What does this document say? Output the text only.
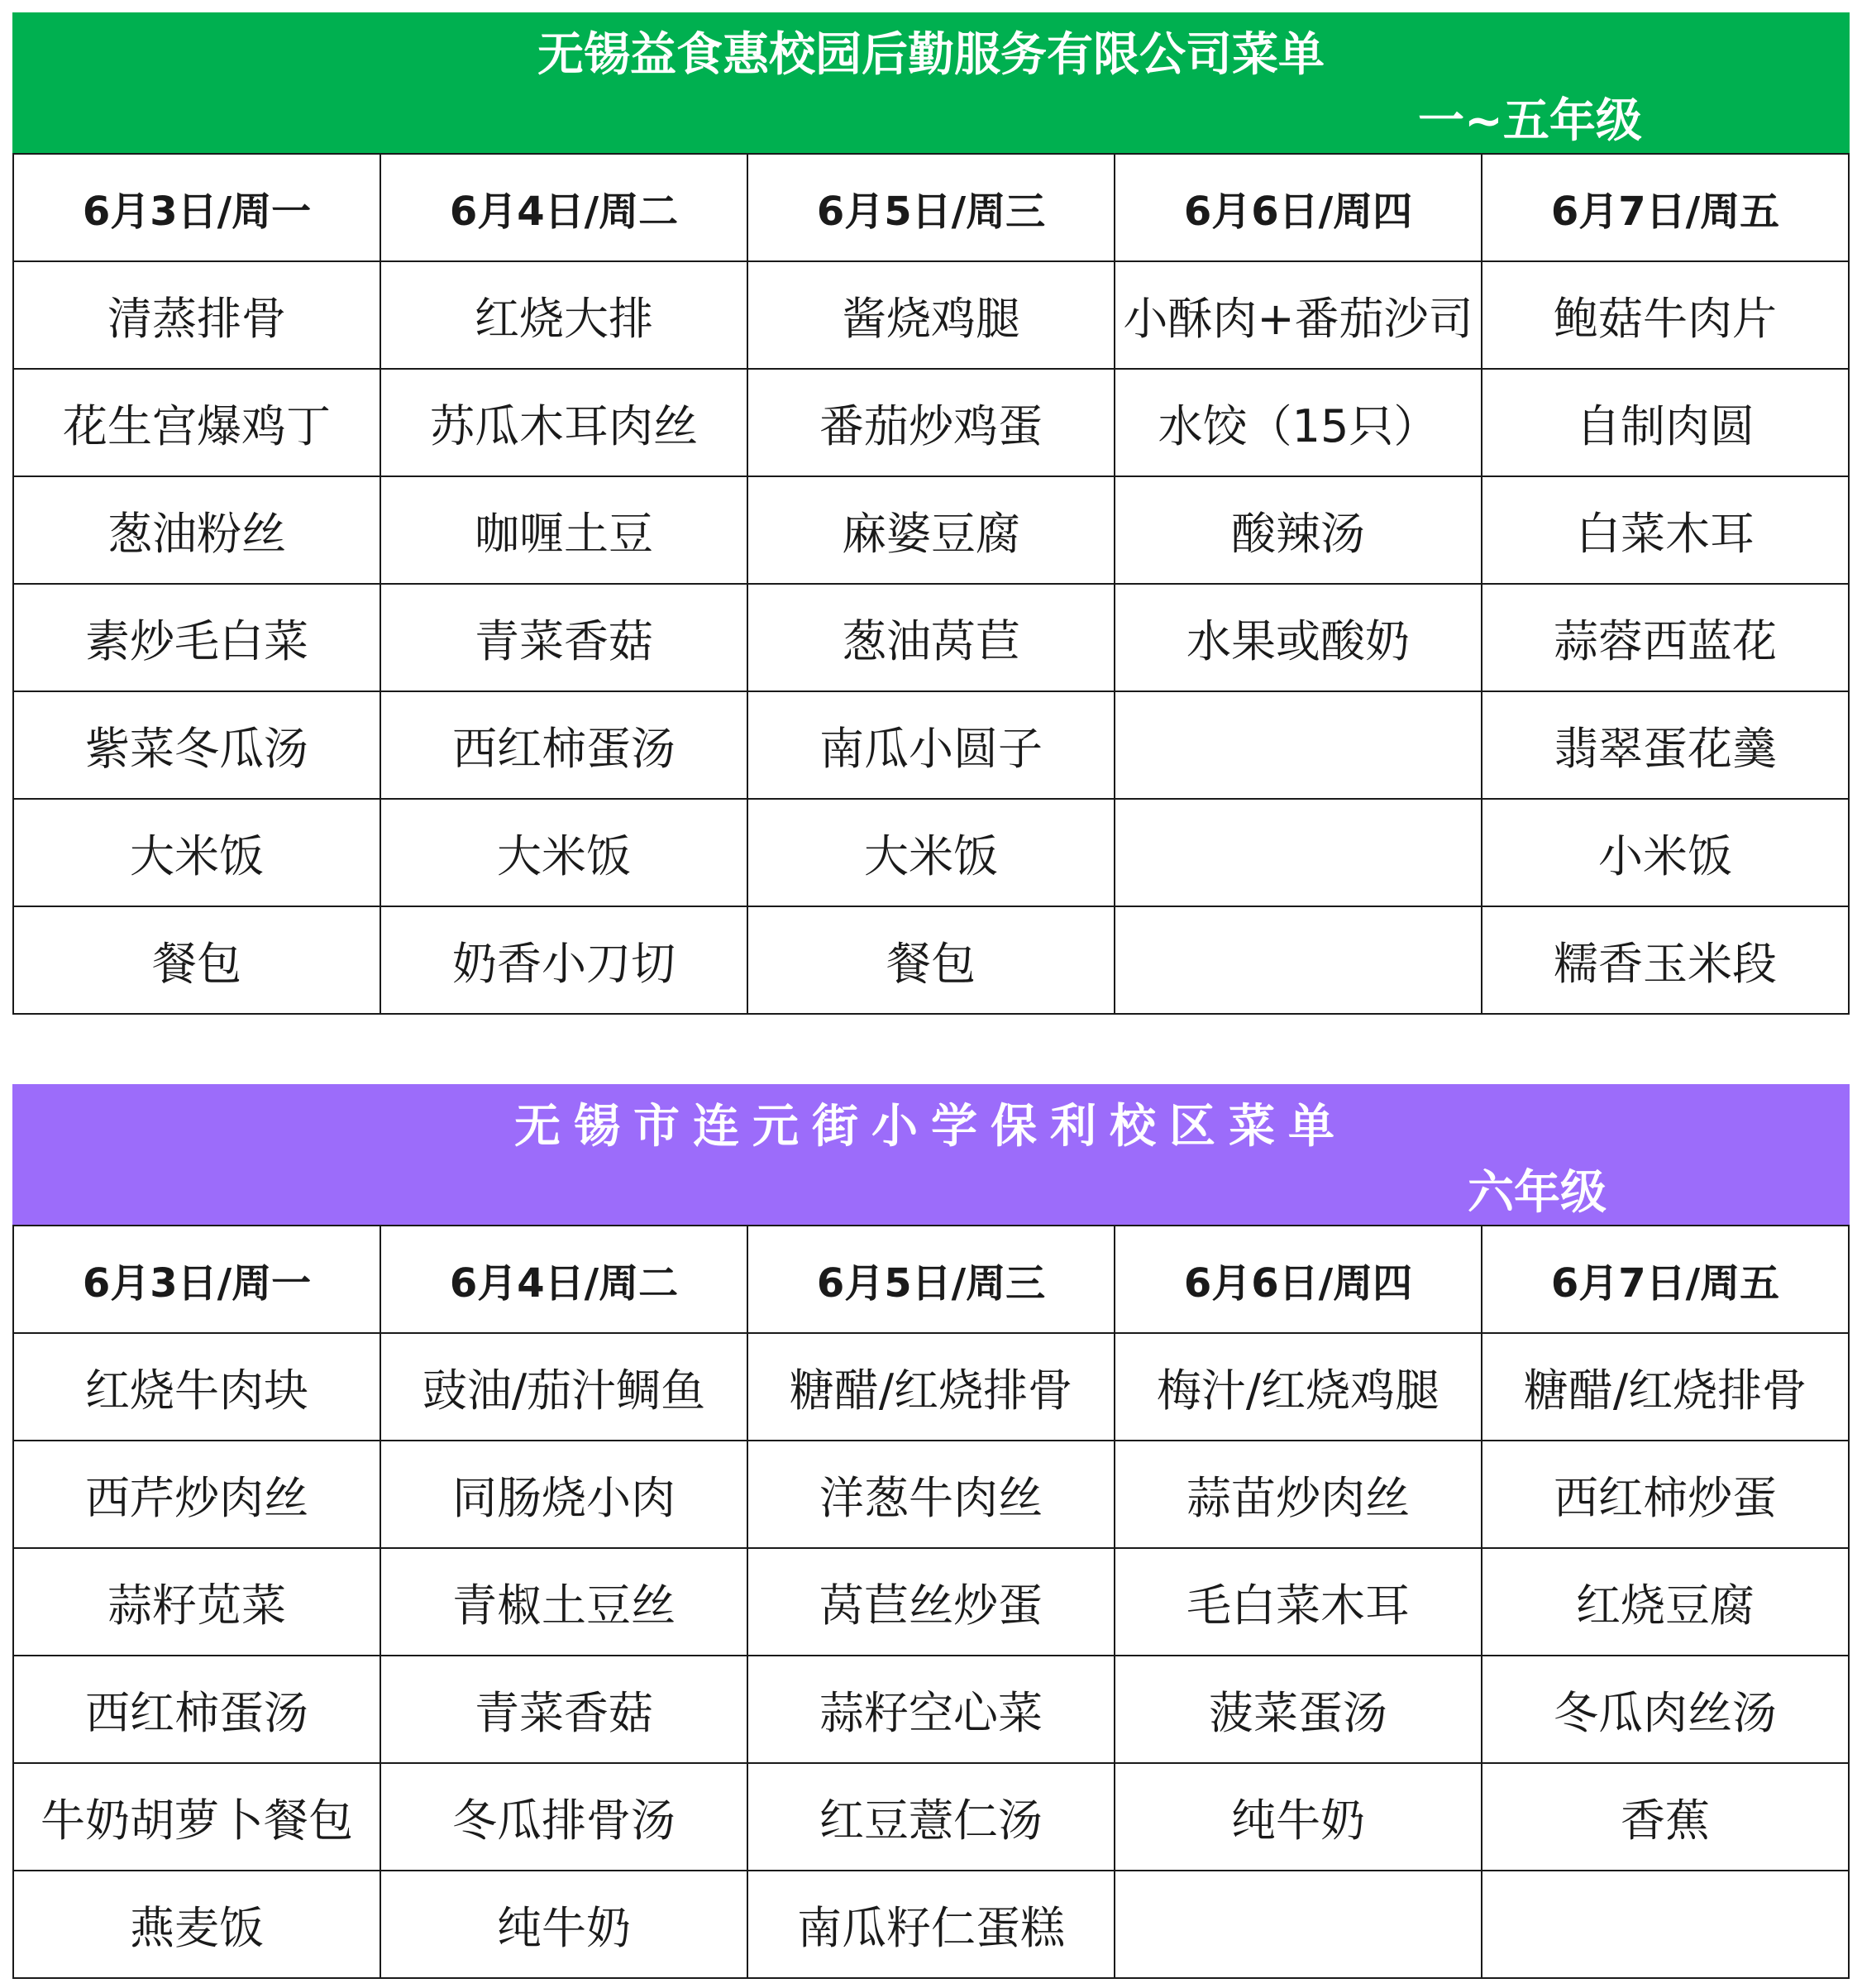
无锡益食惠校园后勤服务有限公司菜单
一~五年级
6月3日/周一	6月4日/周二	6月5日/周三	6月6日/周四	6月7日/周五
清蒸排骨	红烧大排	酱烧鸡腿	小酥肉+番茄沙司	鲍菇牛肉片
花生宫爆鸡丁	苏瓜木耳肉丝	番茄炒鸡蛋	水饺（15只）	自制肉圆
葱油粉丝	咖喱土豆	麻婆豆腐	酸辣汤	白菜木耳
素炒毛白菜	青菜香菇	葱油莴苣	水果或酸奶	蒜蓉西蓝花
紫菜冬瓜汤	西红柿蛋汤	南瓜小圆子		翡翠蛋花羹
大米饭	大米饭	大米饭		小米饭
餐包	奶香小刀切	餐包		糯香玉米段
无锡市连元街小学保利校区菜单
六年级
6月3日/周一	6月4日/周二	6月5日/周三	6月6日/周四	6月7日/周五
红烧牛肉块	豉油/茄汁鲷鱼	糖醋/红烧排骨	梅汁/红烧鸡腿	糖醋/红烧排骨
西芹炒肉丝	同肠烧小肉	洋葱牛肉丝	蒜苗炒肉丝	西红柿炒蛋
蒜籽苋菜	青椒土豆丝	莴苣丝炒蛋	毛白菜木耳	红烧豆腐
西红柿蛋汤	青菜香菇	蒜籽空心菜	菠菜蛋汤	冬瓜肉丝汤
牛奶胡萝卜餐包	冬瓜排骨汤	红豆薏仁汤	纯牛奶	香蕉
燕麦饭	纯牛奶	南瓜籽仁蛋糕		
